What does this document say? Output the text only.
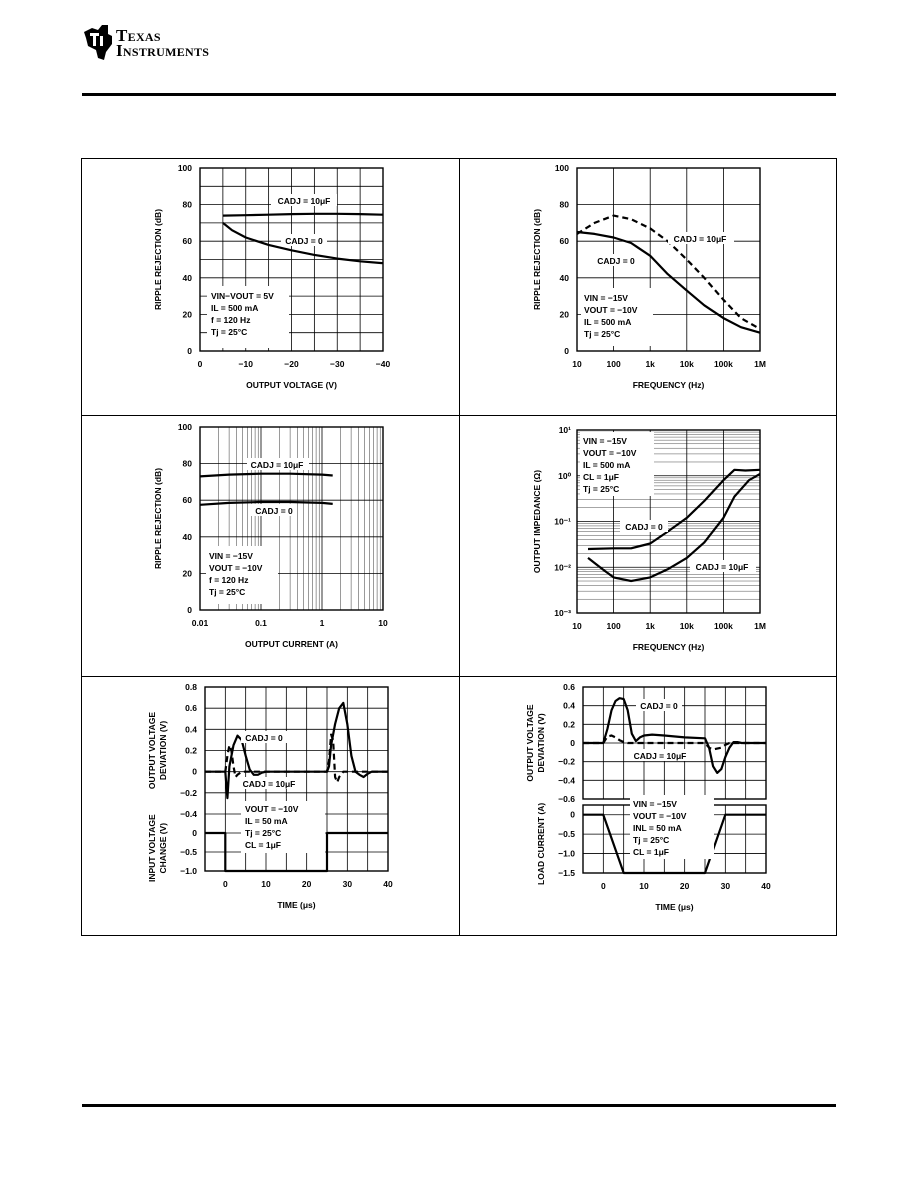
Texas
Instruments
0
20
40
60
80
100
0	−10	−20	−30	−40
OUTPUT VOLTAGE (V)
RIPPLE REJECTION (dB)
CADJ = 10μF
CADJ = 0
VIN−VOUT = 5V
IL = 500 mA
f = 120 Hz
Tj = 25°C
0
20
40
60
80
100
10	100	1k	10k 100k 1M
FREQUENCY (Hz)
RIPPLE REJECTION (dB)	CADJ = 10μF
CADJ = 0
VIN = −15V
VOUT = −10V
IL = 500 mA
Tj = 25°C
0
20
40
60
80
100
0.01	0.1	1	10
OUTPUT CURRENT (A)
RIPPLE REJECTION (dB)
CADJ = 10μF
CADJ = 0
VIN = −15V
VOUT = −10V
f = 120 Hz
Tj = 25°C
10⁻³
10⁻²
10⁻¹
10⁰
10¹
10	100	1k	10k 100k 1M
FREQUENCY (Hz)
OUTPUT IMPEDANCE (Ω)	CADJ = 0
CADJ = 10μF
VIN = −15V
VOUT = −10V
IL = 500 mA
CL = 1μF
Tj = 25°C
0.8
0.6
0.4
0.2
0
−0.2
−0.4
0
−0.5
−1.0
0	10	20	30	40
TIME (μs)
OUTPUT VOLTAGE DEVIATION (V)
INPUT VOLTAGE CHANGE (V)
CADJ = 0
CADJ = 10μF
VOUT = −10V
IL = 50 mA
Tj = 25°C
CL = 1μF
0.6
0.4
0.2
0
−0.2
−0.4
−0.6
0
−0.5
−1.0
−1.5
0	10	20	30	40
TIME (μs)
OUTPUT VOLTAGE DEVIATION (V)
LOAD CURRENT (A)
CADJ = 0
CADJ = 10μF
VIN = −15V
VOUT = −10V
INL = 50 mA
Tj = 25°C
CL = 1μF
